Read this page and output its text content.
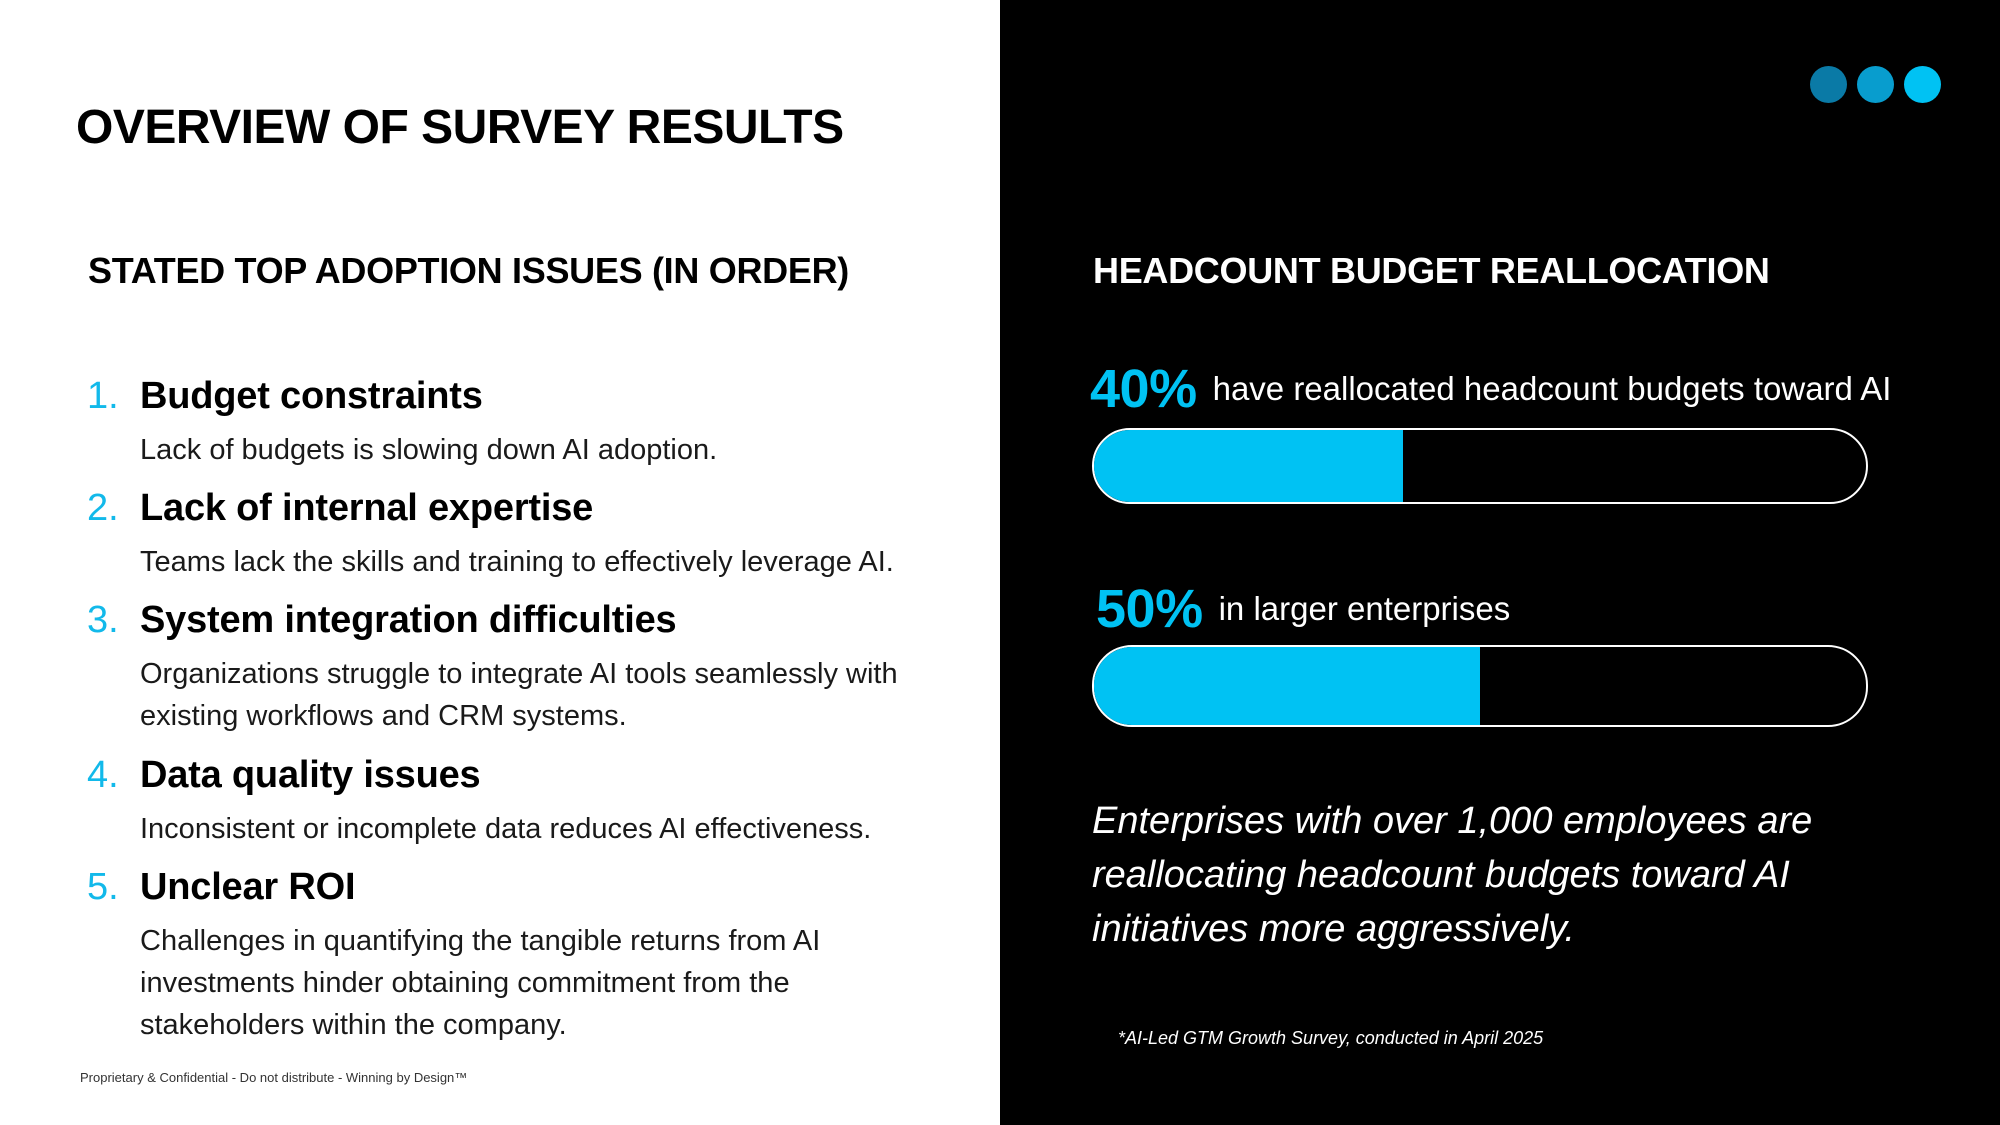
OVERVIEW OF SURVEY RESULTS
STATED TOP ADOPTION ISSUES (IN ORDER)
1. Budget constraints
Lack of budgets is slowing down AI adoption.
2. Lack of internal expertise
Teams lack the skills and training to effectively leverage AI.
3. System integration difficulties
Organizations struggle to integrate AI tools seamlessly with existing workflows and CRM systems.
4. Data quality issues
Inconsistent or incomplete data reduces AI effectiveness.
5. Unclear ROI
Challenges in quantifying the tangible returns from AI investments hinder obtaining commitment from the stakeholders within the company.
Proprietary & Confidential - Do not distribute - Winning by Design™
HEADCOUNT BUDGET REALLOCATION
40% have reallocated headcount budgets toward AI
50% in larger enterprises
Enterprises with over 1,000 employees are reallocating headcount budgets toward AI initiatives more aggressively.
*AI-Led GTM Growth Survey, conducted in April 2025
